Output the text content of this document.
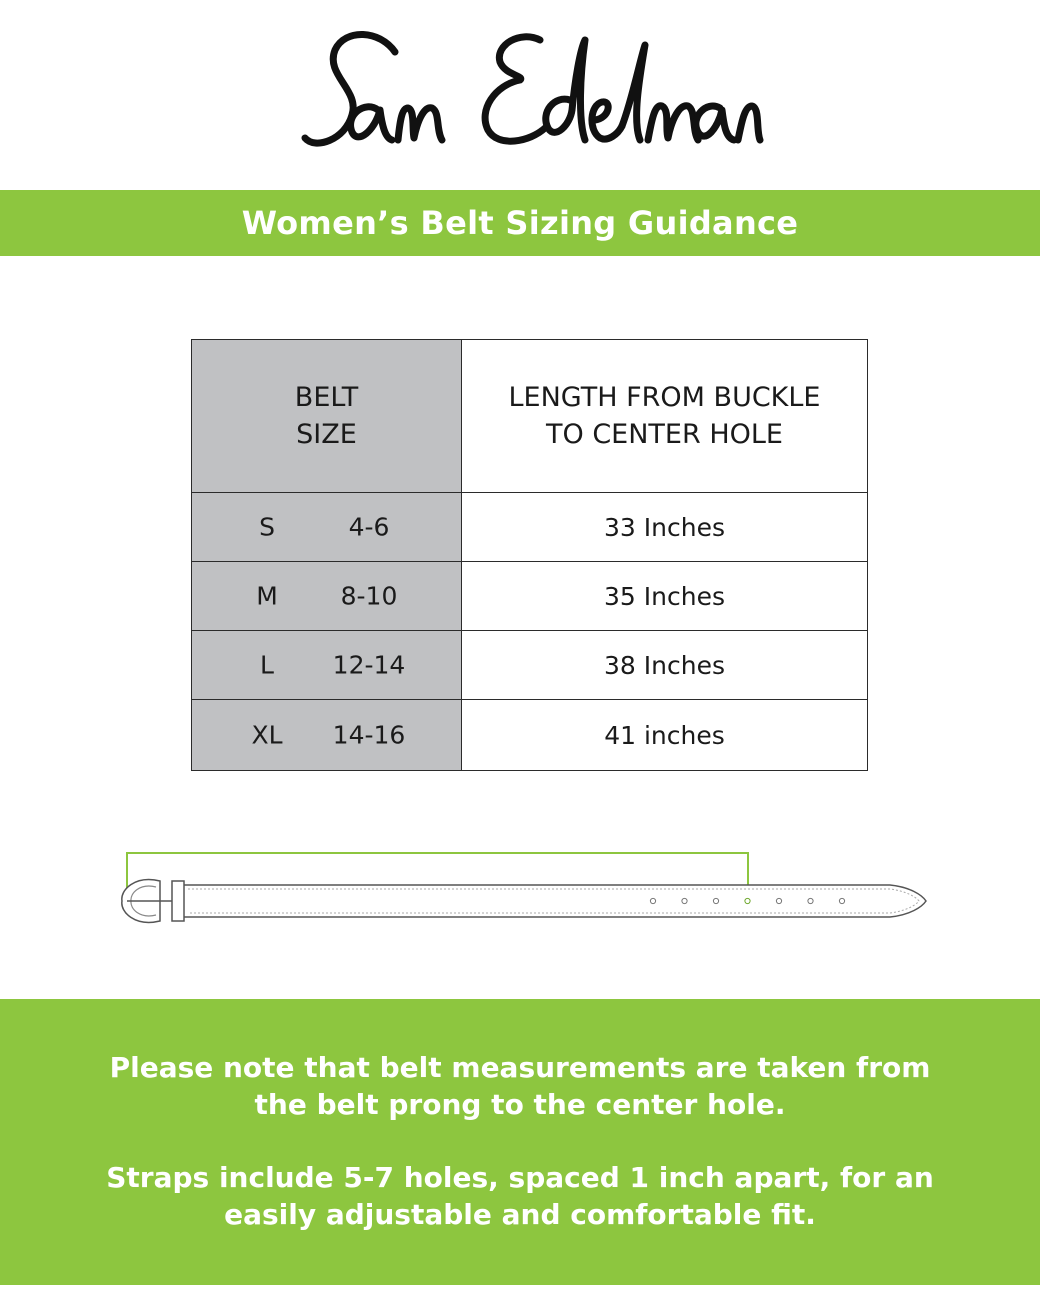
Women’s Belt Sizing Guidance
BELT
SIZE	LENGTH FROM BUCKLE
TO CENTER HOLE

S 4-6	33 Inches

M 8-10	35 Inches

L 12-14	38 Inches

XL 14-16	41 inches

Please note that belt measurements are taken from
the belt prong to the center hole.

Straps include 5-7 holes, spaced 1 inch apart, for an
easily adjustable and comfortable fit.
